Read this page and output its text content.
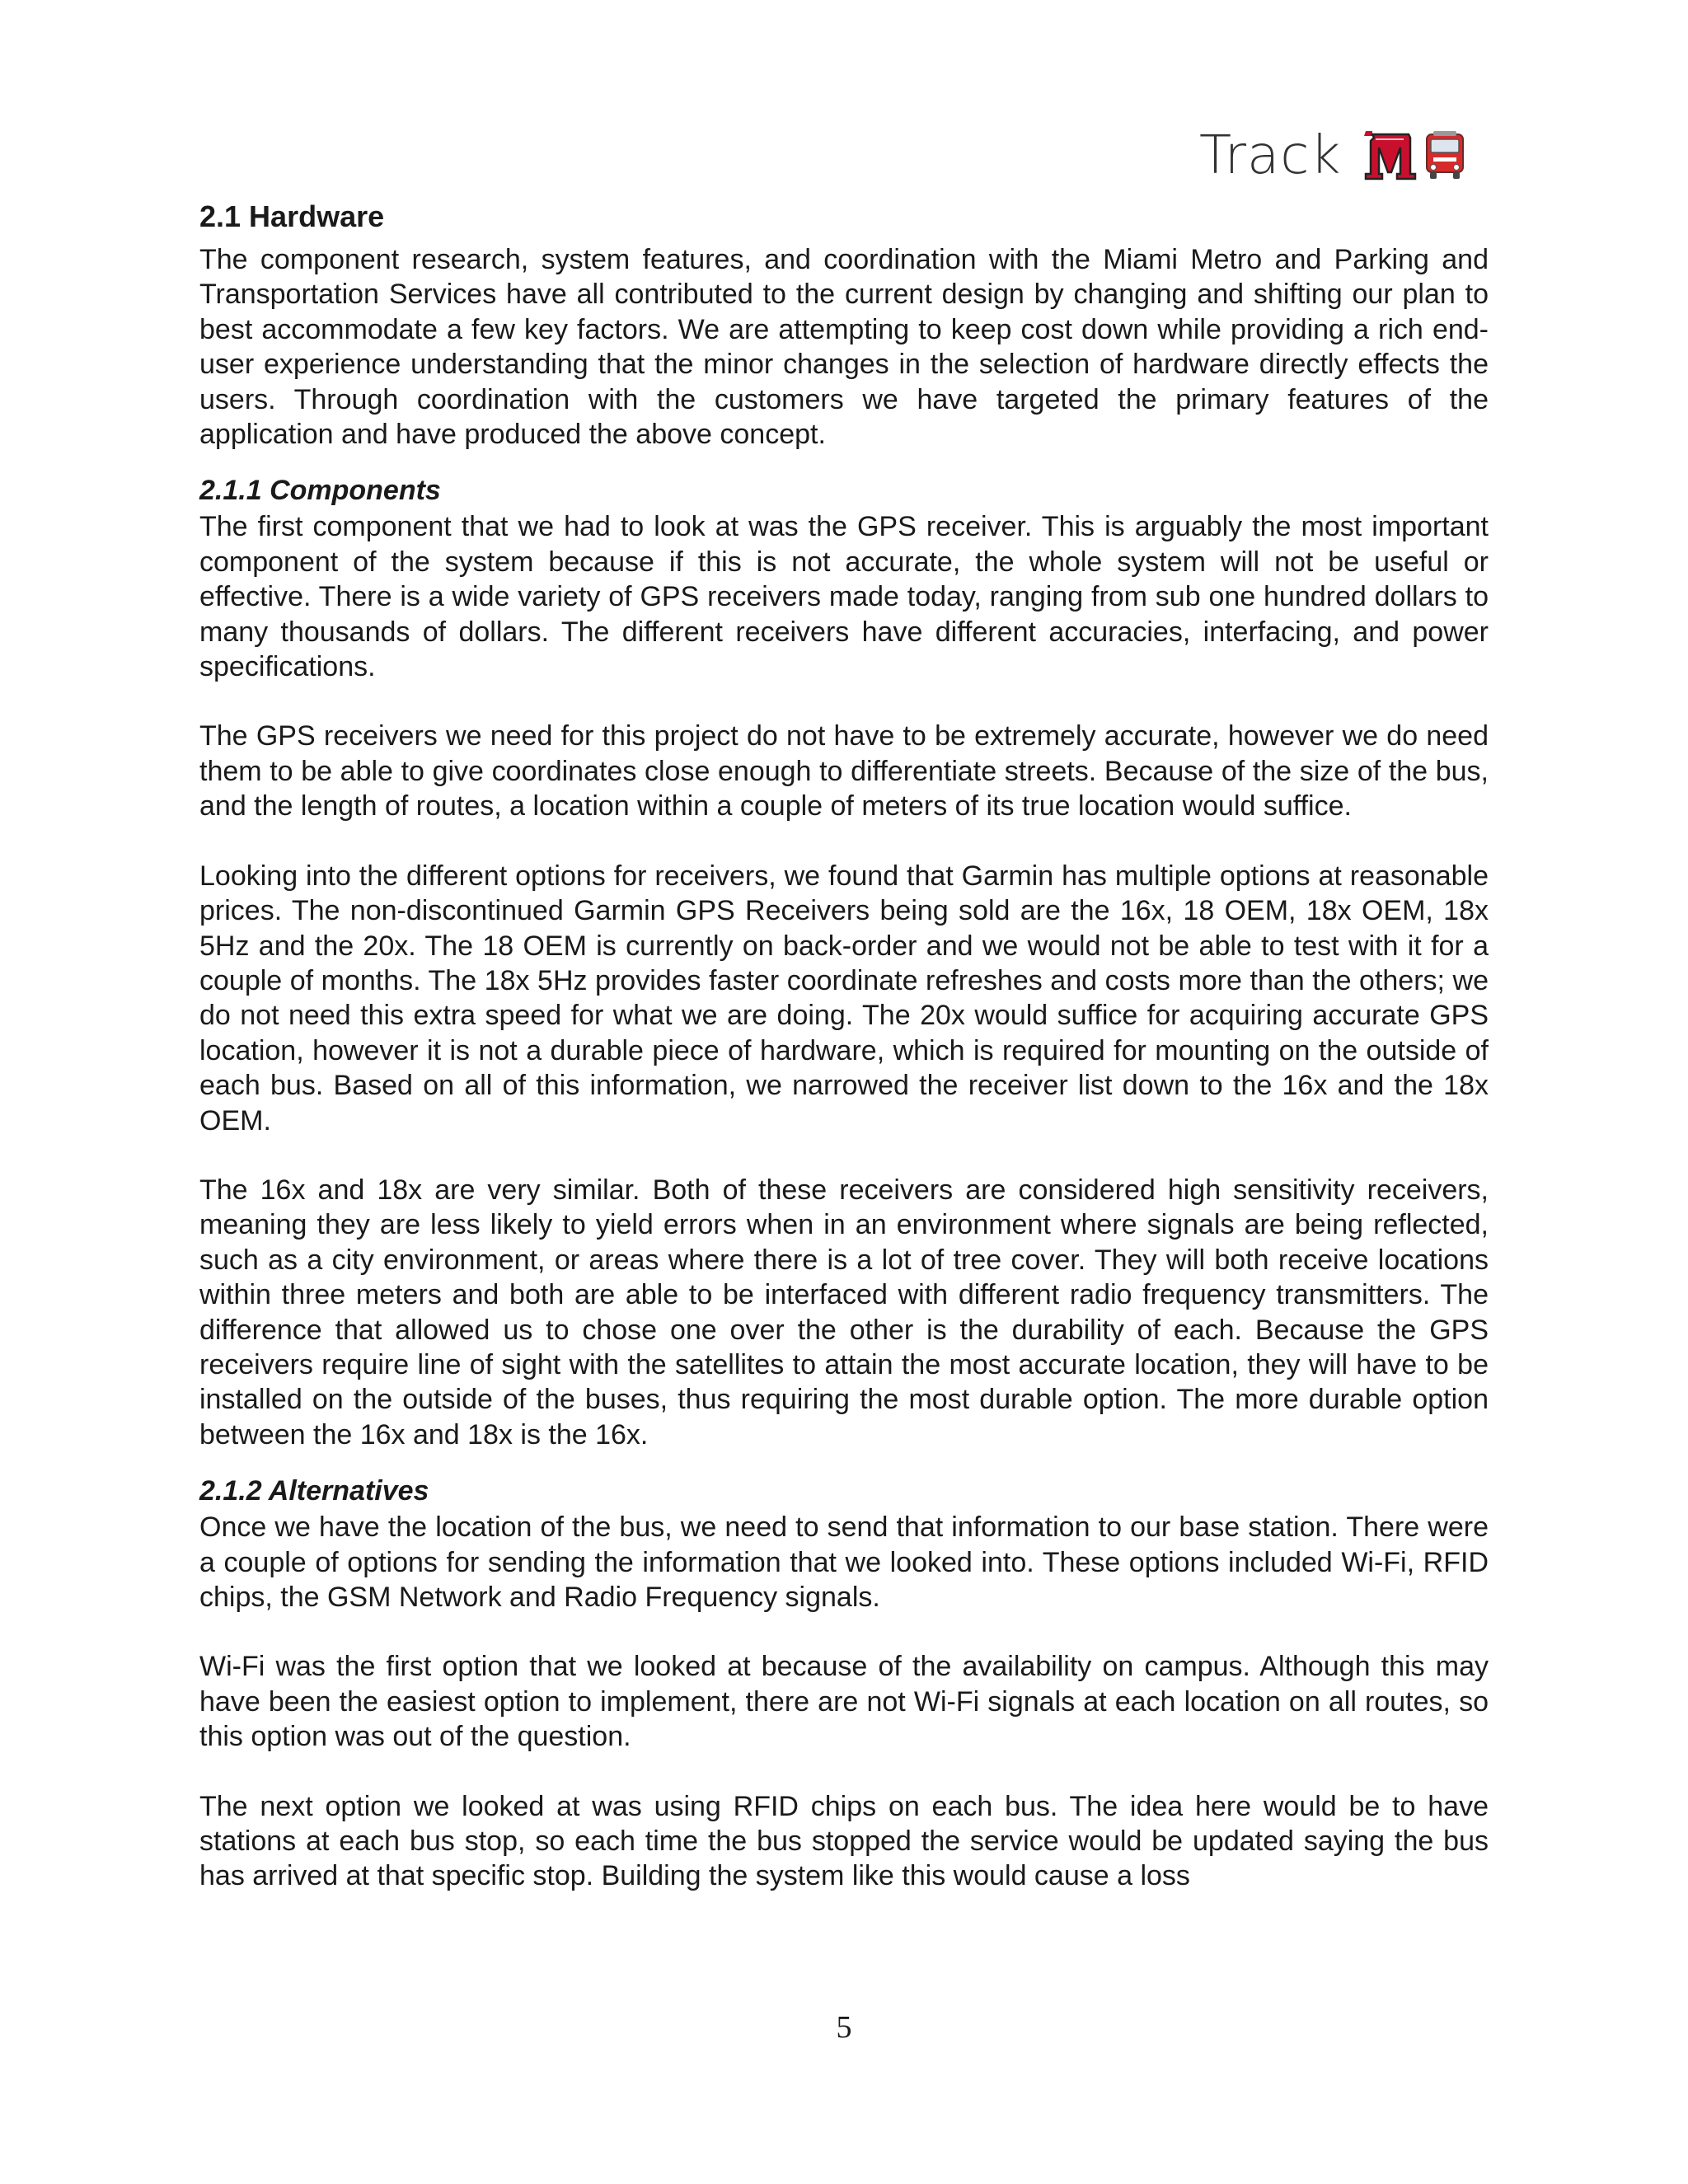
Track
2.1 Hardware

The component research, system features, and coordination with the Miami Metro and Parking and Transportation Services have all contributed to the current design by changing and shifting our plan to best accommodate a few key factors. We are attempting to keep cost down while providing a rich end-user experience understanding that the minor changes in the selection of hardware directly effects the users. Through coordination with the customers we have targeted the primary features of the application and have produced the above concept.

2.1.1 Components

The first component that we had to look at was the GPS receiver. This is arguably the most important component of the system because if this is not accurate, the whole system will not be useful or effective. There is a wide variety of GPS receivers made today, ranging from sub one hundred dollars to many thousands of dollars. The different receivers have different accuracies, interfacing, and power specifications.

The GPS receivers we need for this project do not have to be extremely accurate, however we do need them to be able to give coordinates close enough to differentiate streets. Because of the size of the bus, and the length of routes, a location within a couple of meters of its true location would suffice.

Looking into the different options for receivers, we found that Garmin has multiple options at reasonable prices. The non-discontinued Garmin GPS Receivers being sold are the 16x, 18 OEM, 18x OEM, 18x 5Hz and the 20x. The 18 OEM is currently on back-order and we would not be able to test with it for a couple of months. The 18x 5Hz provides faster coordinate refreshes and costs more than the others; we do not need this extra speed for what we are doing. The 20x would suffice for acquiring accurate GPS location, however it is not a durable piece of hardware, which is required for mounting on the outside of each bus. Based on all of this information, we narrowed the receiver list down to the 16x and the 18x OEM.

The 16x and 18x are very similar. Both of these receivers are considered high sensitivity receivers, meaning they are less likely to yield errors when in an environment where signals are being reflected, such as a city environment, or areas where there is a lot of tree cover. They will both receive locations within three meters and both are able to be interfaced with different radio frequency transmitters. The difference that allowed us to chose one over the other is the durability of each. Because the GPS receivers require line of sight with the satellites to attain the most accurate location, they will have to be installed on the outside of the buses, thus requiring the most durable option. The more durable option between the 16x and 18x is the 16x.

2.1.2 Alternatives

Once we have the location of the bus, we need to send that information to our base station. There were a couple of options for sending the information that we looked into. These options included Wi-Fi, RFID chips, the GSM Network and Radio Frequency signals.

Wi-Fi was the first option that we looked at because of the availability on campus. Although this may have been the easiest option to implement, there are not Wi-Fi signals at each location on all routes, so this option was out of the question.

The next option we looked at was using RFID chips on each bus. The idea here would be to have stations at each bus stop, so each time the bus stopped the service would be updated saying the bus has arrived at that specific stop. Building the system like this would cause a loss

5
